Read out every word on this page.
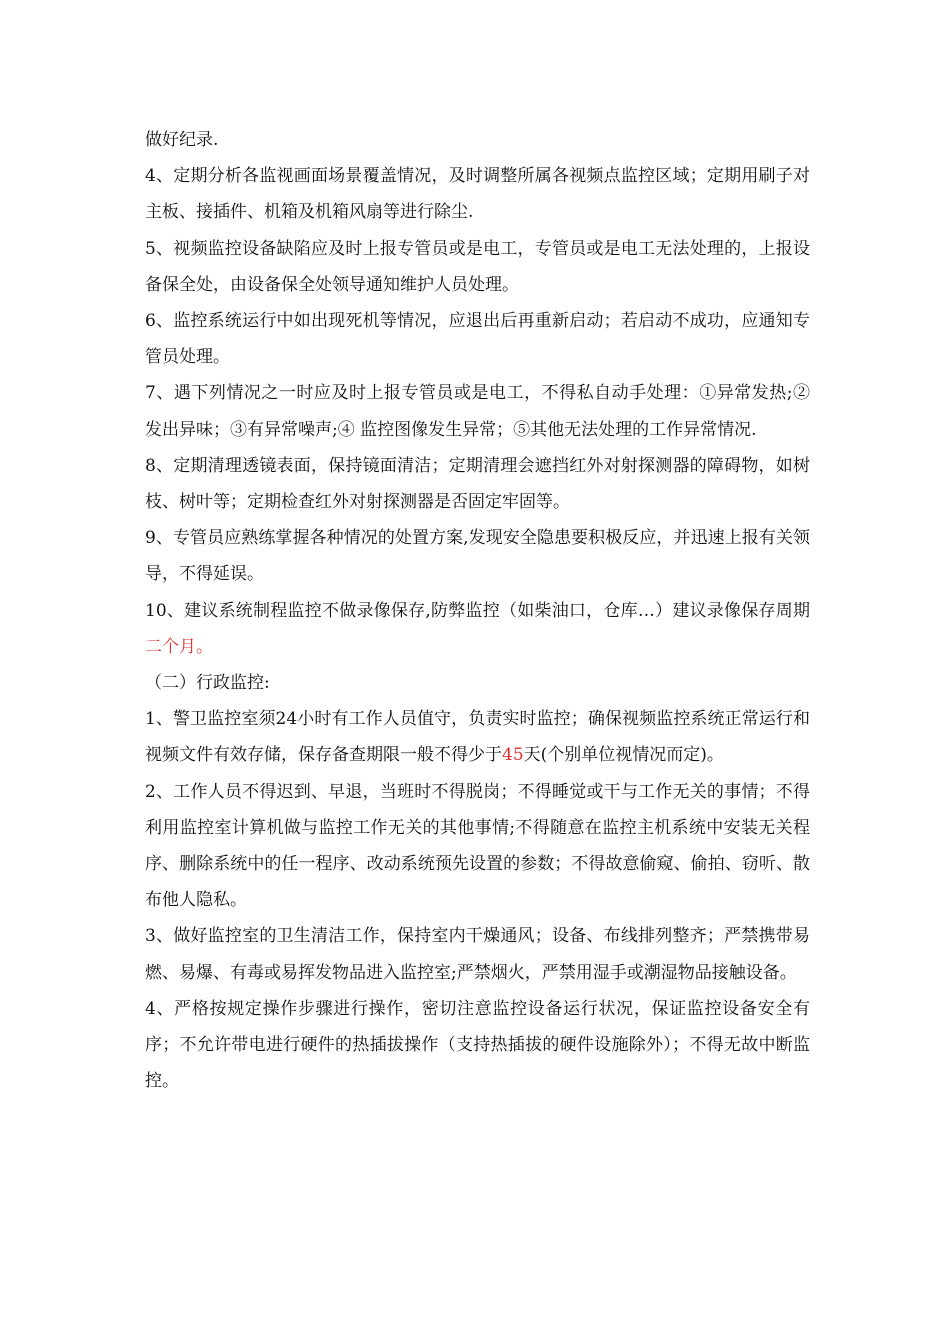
做好纪录.

4、定期分析各监视画面场景覆盖情况，及时调整所属各视频点监控区域；定期用刷子对主板、接插件、机箱及机箱风扇等进行除尘.

5、视频监控设备缺陷应及时上报专管员或是电工，专管员或是电工无法处理的，上报设备保全处，由设备保全处领导通知维护人员处理。

6、监控系统运行中如出现死机等情况，应退出后再重新启动；若启动不成功，应通知专管员处理。

7、遇下列情况之一时应及时上报专管员或是电工，不得私自动手处理：①异常发热;② 发出异味；③有异常噪声;④ 监控图像发生异常；⑤其他无法处理的工作异常情况.

8、定期清理透镜表面，保持镜面清洁；定期清理会遮挡红外对射探测器的障碍物，如树枝、树叶等；定期检查红外对射探测器是否固定牢固等。

9、专管员应熟练掌握各种情况的处置方案,发现安全隐患要积极反应，并迅速上报有关领导，不得延误。

10、建议系统制程监控不做录像保存,防弊监控（如柴油口，仓库…）建议录像保存周期二个月。

（二）行政监控:

1、警卫监控室须24小时有工作人员值守，负责实时监控；确保视频监控系统正常运行和视频文件有效存储，保存备查期限一般不得少于45天(个别单位视情况而定)。

2、工作人员不得迟到、早退，当班时不得脱岗；不得睡觉或干与工作无关的事情；不得利用监控室计算机做与监控工作无关的其他事情;不得随意在监控主机系统中安装无关程序、删除系统中的任一程序、改动系统预先设置的参数；不得故意偷窥、偷拍、窃听、散布他人隐私。

3、做好监控室的卫生清洁工作，保持室内干燥通风；设备、布线排列整齐；严禁携带易燃、易爆、有毒或易挥发物品进入监控室;严禁烟火，严禁用湿手或潮湿物品接触设备。

4、严格按规定操作步骤进行操作，密切注意监控设备运行状况，保证监控设备安全有序；不允许带电进行硬件的热插拔操作（支持热插拔的硬件设施除外）；不得无故中断监控。
